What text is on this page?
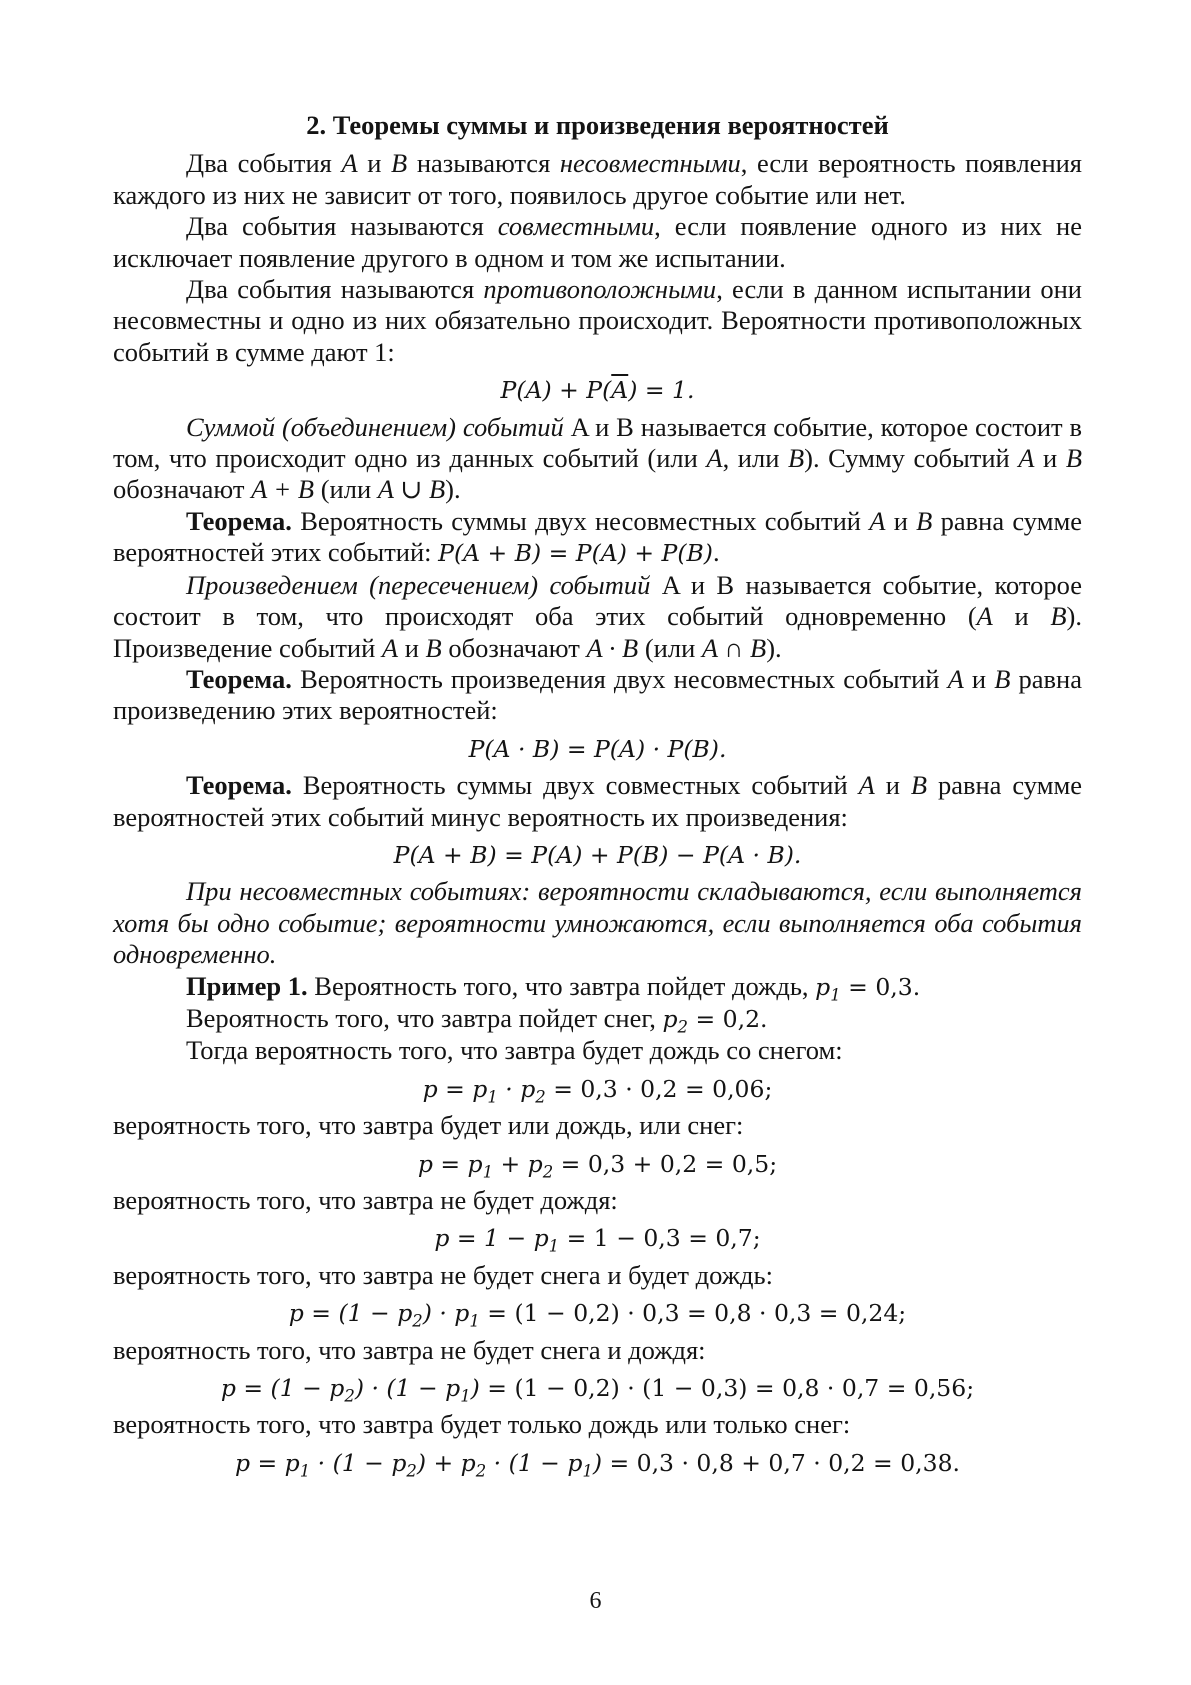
2. Теоремы суммы и произведения вероятностей

Два события A и B называются несовместными, если вероятность появления каждого из них не зависит от того, появилось другое событие или нет.

Два события называются совместными, если появление одного из них не исключает появление другого в одном и том же испытании.

Два события называются противоположными, если в данном испытании они несовместны и одно из них обязательно происходит. Вероятности противоположных событий в сумме дают 1:

$P(A) + P(\overline{A}) = 1$.

Суммой (объединением) событий A и B называется событие, которое состоит в том, что происходит одно из данных событий (или A, или B). Сумму событий A и B обозначают A + B (или A ∪ B).

Теорема. Вероятность суммы двух несовместных событий A и B равна сумме вероятностей этих событий: P(A + B) = P(A) + P(B).

Произведением (пересечением) событий A и B называется событие, которое состоит в том, что происходят оба этих событий одновременно (A и B). Произведение событий A и B обозначают A · B (или A ∩ B).

Теорема. Вероятность произведения двух несовместных событий A и B равна произведению этих вероятностей:

P(A · B) = P(A) · P(B).

Теорема. Вероятность суммы двух совместных событий A и B равна сумме вероятностей этих событий минус вероятность их произведения:

P(A + B) = P(A) + P(B) − P(A · B).

При несовместных событиях: вероятности складываются, если выполняется хотя бы одно событие; вероятности умножаются, если выполняется оба события одновременно.

Пример 1. Вероятность того, что завтра пойдет дождь, $p_1 = 0,3$.

Вероятность того, что завтра пойдет снег, $p_2 = 0,2$.

Тогда вероятность того, что завтра будет дождь со снегом:

$p = p_1 \cdot p_2 = 0,3 \cdot 0,2 = 0,06$;

вероятность того, что завтра будет или дождь, или снег:

$p = p_1 + p_2 = 0,3 + 0,2 = 0,5$;

вероятность того, что завтра не будет дождя:

$p = 1 - p_1 = 1 - 0,3 = 0,7$;

вероятность того, что завтра не будет снега и будет дождь:

$p = (1 - p_2) \cdot p_1 = (1 - 0,2) \cdot 0,3 = 0,8 \cdot 0,3 = 0,24$;

вероятность того, что завтра не будет снега и дождя:

$p = (1 - p_2) \cdot (1 - p_1) = (1 - 0,2) \cdot (1 - 0,3) = 0,8 \cdot 0,7 = 0,56$;

вероятность того, что завтра будет только дождь или только снег:

$p = p_1 \cdot (1 - p_2) + p_2 \cdot (1 - p_1) = 0,3 \cdot 0,8 + 0,7 \cdot 0,2 = 0,38$.

6
